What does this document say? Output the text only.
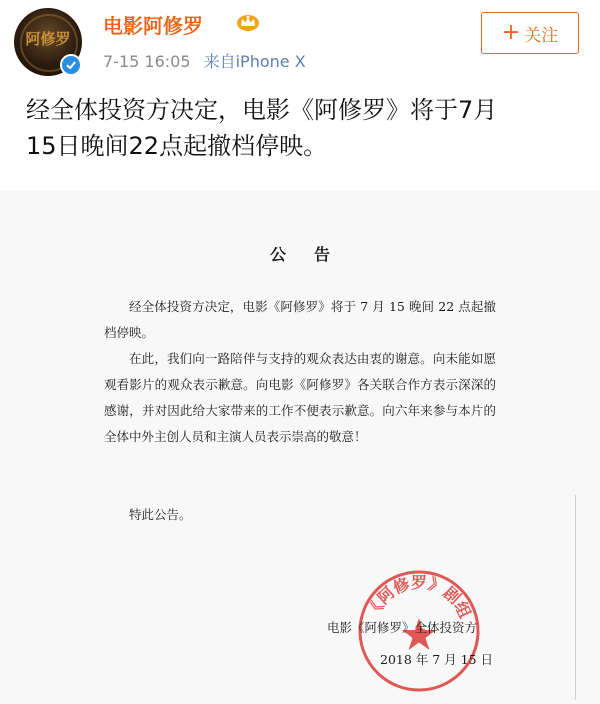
阿修罗
电影阿修罗
7-15 16:05 来自iPhone X
+ 关注
经全体投资方决定，电影《阿修罗》将于7月
15日晚间22点起撤档停映。
公告
经全体投资方决定，电影《阿修罗》将于 7 月 15 晚间 22 点起撤档停映。
在此，我们向一路陪伴与支持的观众表达由衷的谢意。向未能如愿观看影片的观众表示歉意。向电影《阿修罗》各关联合作方表示深深的感谢，并对因此给大家带来的工作不便表示歉意。向六年来参与本片的全体中外主创人员和主演人员表示崇高的敬意！
特此公告。
《阿修罗》剧组
电影《阿修罗》全体投资方
2018 年 7 月 15 日
